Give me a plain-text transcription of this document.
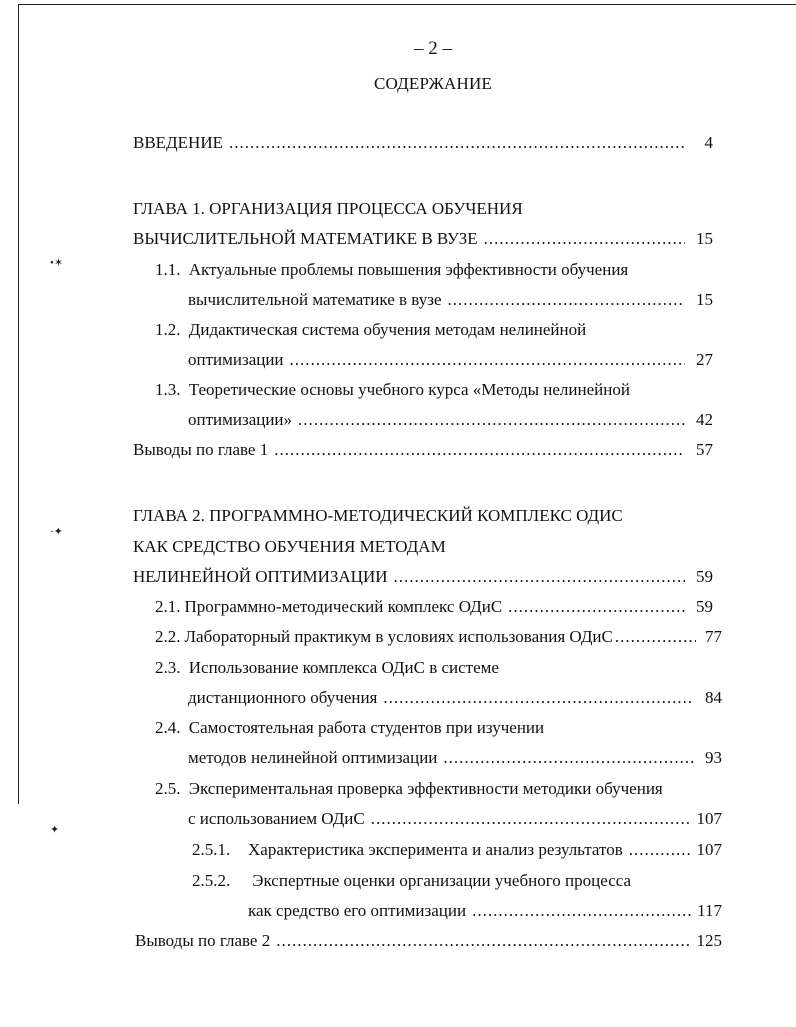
– 2 –
СОДЕРЖАНИЕ
ВВЕДЕНИЕ .....	4
ГЛАВА 1. ОРГАНИЗАЦИЯ ПРОЦЕССА ОБУЧЕНИЯ
ВЫЧИСЛИТЕЛЬНОЙ МАТЕМАТИКЕ В ВУЗЕ .....	15
1.1. Актуальные проблемы повышения эффективности обучения
вычислительной математике в вузе .....	15
1.2. Дидактическая система обучения методам нелинейной
оптимизации .....	27
1.3. Теоретические основы учебного курса «Методы нелинейной
оптимизации» .....	42
Выводы по главе 1 .....	57
ГЛАВА 2. ПРОГРАММНО-МЕТОДИЧЕСКИЙ КОМПЛЕКС ОДИС
КАК СРЕДСТВО ОБУЧЕНИЯ МЕТОДАМ
НЕЛИНЕЙНОЙ ОПТИМИЗАЦИИ .....	59
2.1. Программно-методический комплекс ОДиС .....	59
2.2. Лабораторный практикум в условиях использования ОДиС .....	77
2.3. Использование комплекса ОДиС в системе
дистанционного обучения .....	84
2.4. Самостоятельная работа студентов при изучении
методов нелинейной оптимизации .....	93
2.5. Экспериментальная проверка эффективности методики обучения
с использованием ОДиС .....	107
2.5.1.	Характеристика эксперимента и анализ результатов .....	107
2.5.2. Экспертные оценки организации учебного процесса
как средство его оптимизации .....	117
Выводы по главе 2 .....	125
•✶
·✦
✦
